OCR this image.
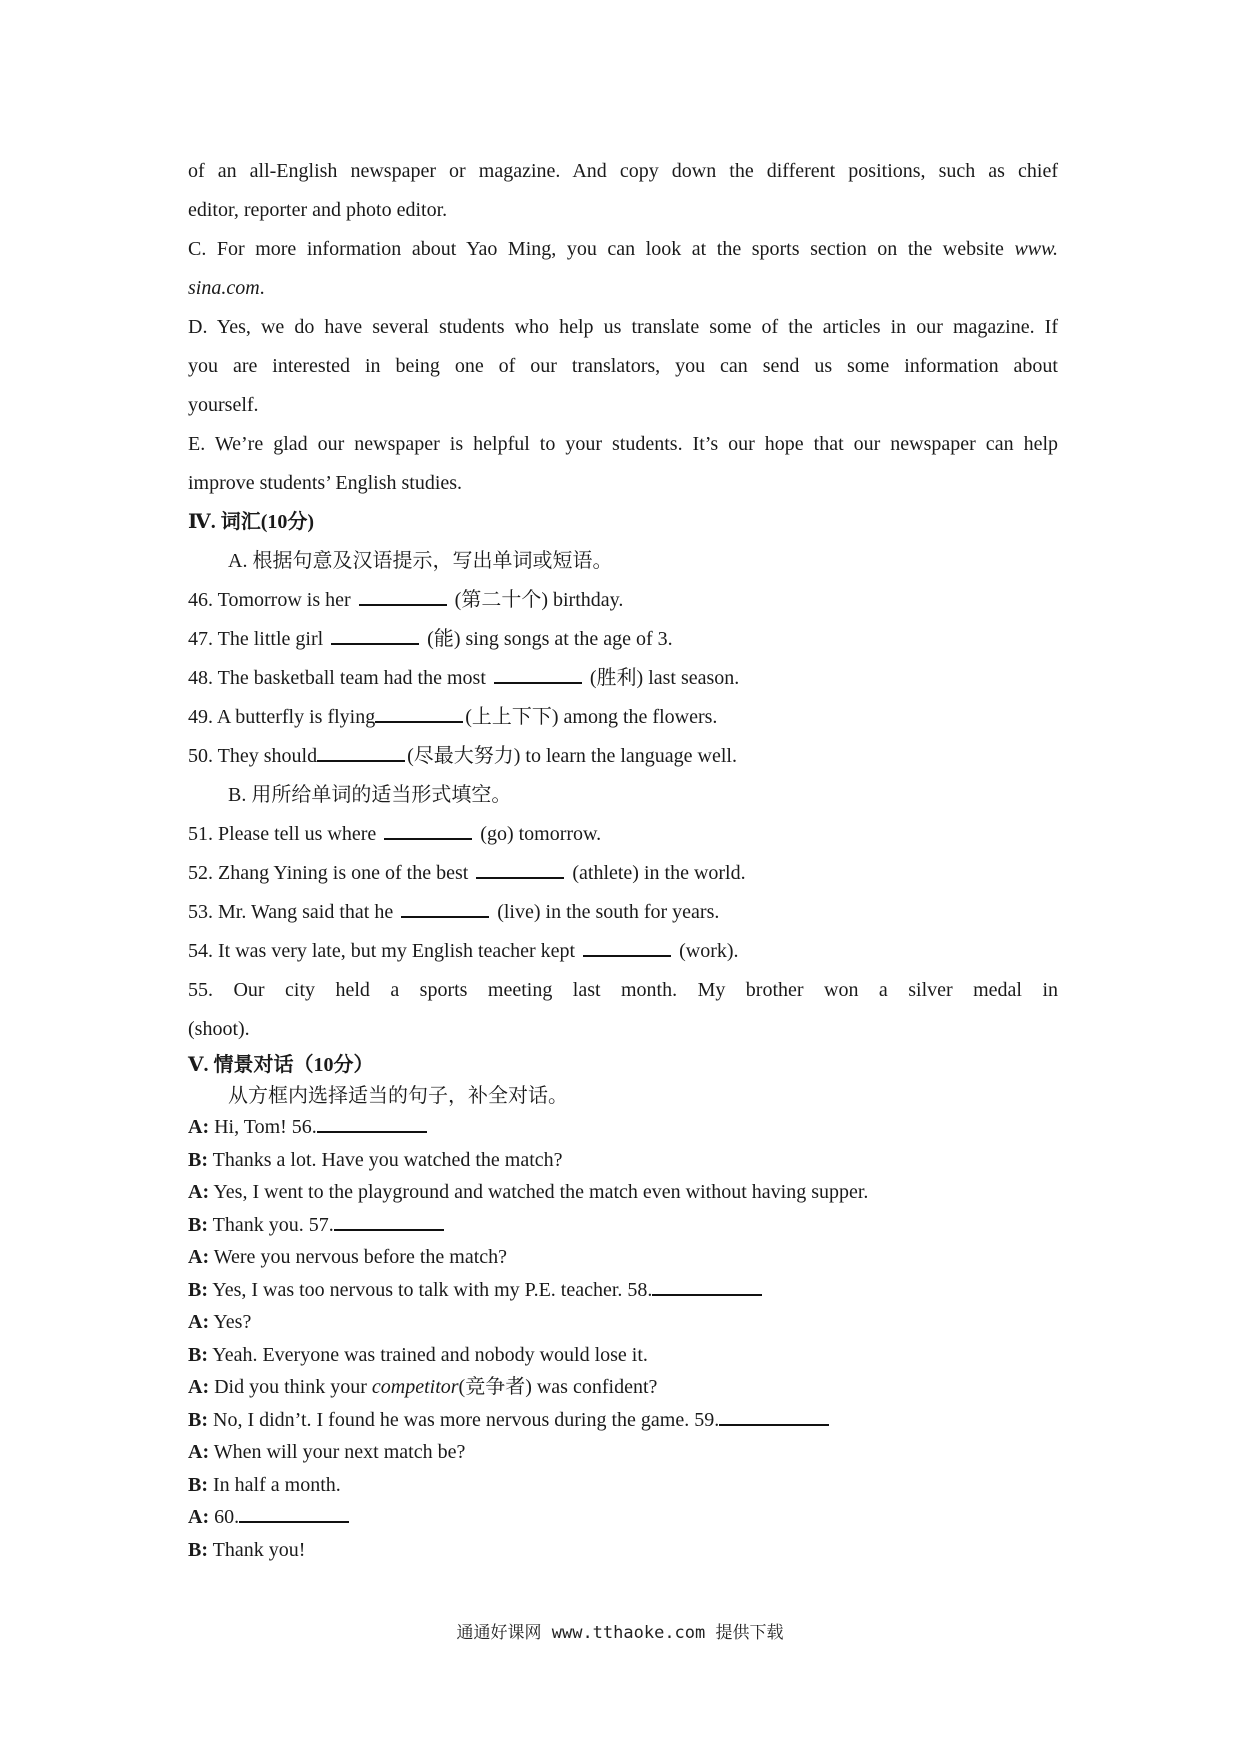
of an all-English newspaper or magazine. And copy down the different positions, such as chief

editor, reporter and photo editor.

C. For more information about Yao Ming, you can look at the sports section on the website www.

sina.com.

D. Yes, we do have several students who help us translate some of the articles in our magazine. If

you are interested in being one of our translators, you can send us some information about

yourself.

E. We’re glad our newspaper is helpful to your students. It’s our hope that our newspaper can help

improve students’ English studies.

Ⅳ. 词汇(10分)
A. 根据句意及汉语提示，写出单词或短语。
46. Tomorrow is her	(第二十个) birthday.
47. The little girl	(能) sing songs at the age of 3.
48. The basketball team had the most	(胜利) last season.
49. A butterfly is flying	(上上下下) among the flowers.
50. They should	(尽最大努力) to learn the language well.
B. 用所给单词的适当形式填空。
51. Please tell us where	(go) tomorrow.
52. Zhang Yining is one of the best	(athlete) in the world.
53. Mr. Wang said that he	(live) in the south for years.
54. It was very late, but my English teacher kept	(work).

55. Our city held a sports meeting last month. My brother won a silver medal in

(shoot).

Ⅴ. 情景对话（10分）
从方框内选择适当的句子，补全对话。
A: Hi, Tom! 56.
B: Thanks a lot. Have you watched the match?
A: Yes, I went to the playground and watched the match even without having supper.
B: Thank you. 57.
A: Were you nervous before the match?
B: Yes, I was too nervous to talk with my P.E. teacher. 58.
A: Yes?
B: Yeah. Everyone was trained and nobody would lose it.
A: Did you think your competitor(竞争者) was confident?
B: No, I didn’t. I found he was more nervous during the game. 59.
A: When will your next match be?
B: In half a month.
A: 60.
B: Thank you!
通通好课网 www.tthaoke.com 提供下载
